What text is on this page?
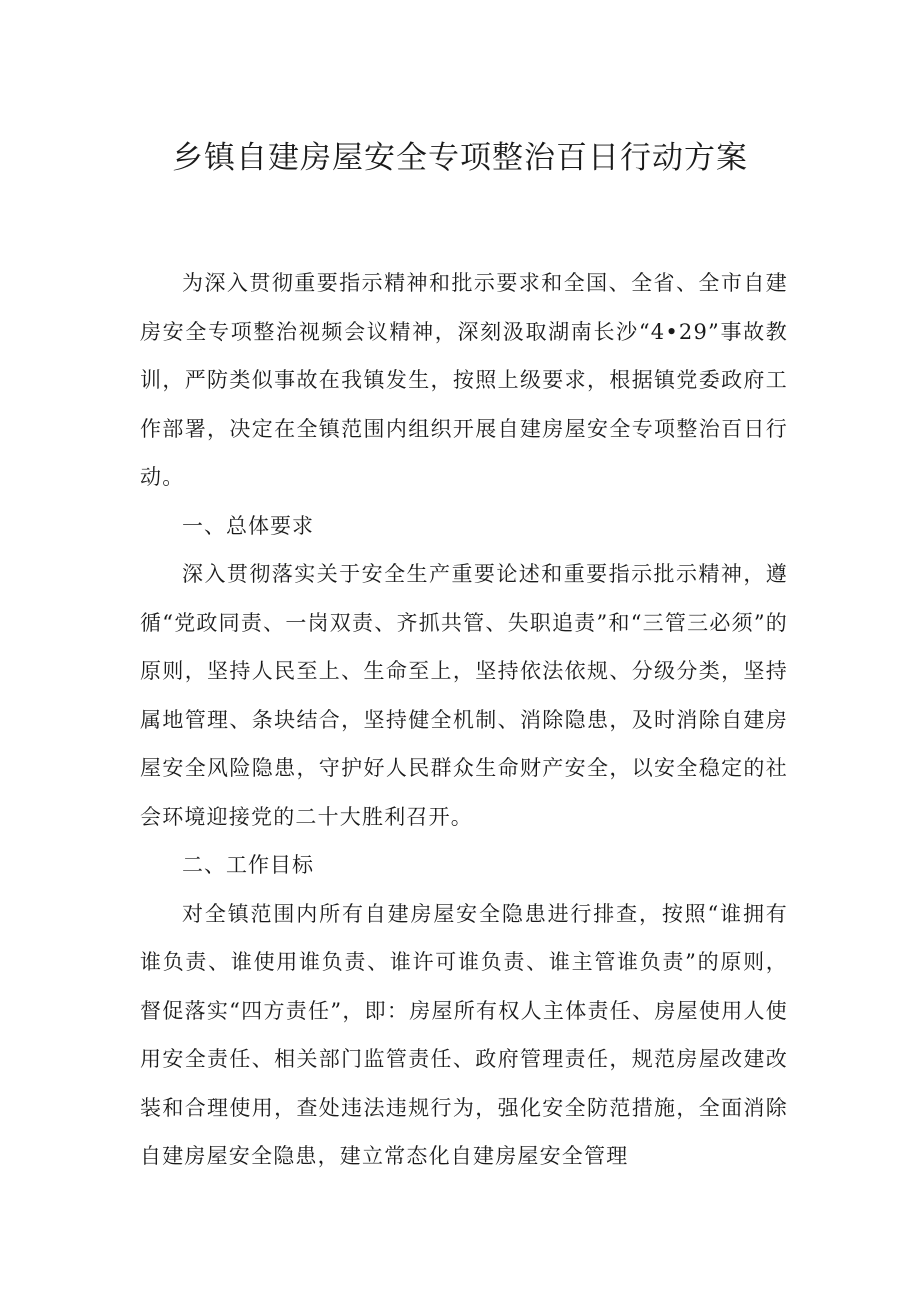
乡镇自建房屋安全专项整治百日行动方案

为深入贯彻重要指示精神和批示要求和全国、全省、全市自建房安全专项整治视频会议精神，深刻汲取湖南长沙“4•29”事故教训，严防类似事故在我镇发生，按照上级要求，根据镇党委政府工作部署，决定在全镇范围内组织开展自建房屋安全专项整治百日行动。

一、总体要求

深入贯彻落实关于安全生产重要论述和重要指示批示精神，遵循“党政同责、一岗双责、齐抓共管、失职追责”和“三管三必须”的原则，坚持人民至上、生命至上，坚持依法依规、分级分类，坚持属地管理、条块结合，坚持健全机制、消除隐患，及时消除自建房屋安全风险隐患，守护好人民群众生命财产安全，以安全稳定的社会环境迎接党的二十大胜利召开。

二、工作目标

对全镇范围内所有自建房屋安全隐患进行排查，按照“谁拥有谁负责、谁使用谁负责、谁许可谁负责、谁主管谁负责”的原则，督促落实“四方责任”，即：房屋所有权人主体责任、房屋使用人使用安全责任、相关部门监管责任、政府管理责任，规范房屋改建改装和合理使用，查处违法违规行为，强化安全防范措施，全面消除自建房屋安全隐患，建立常态化自建房屋安全管理
